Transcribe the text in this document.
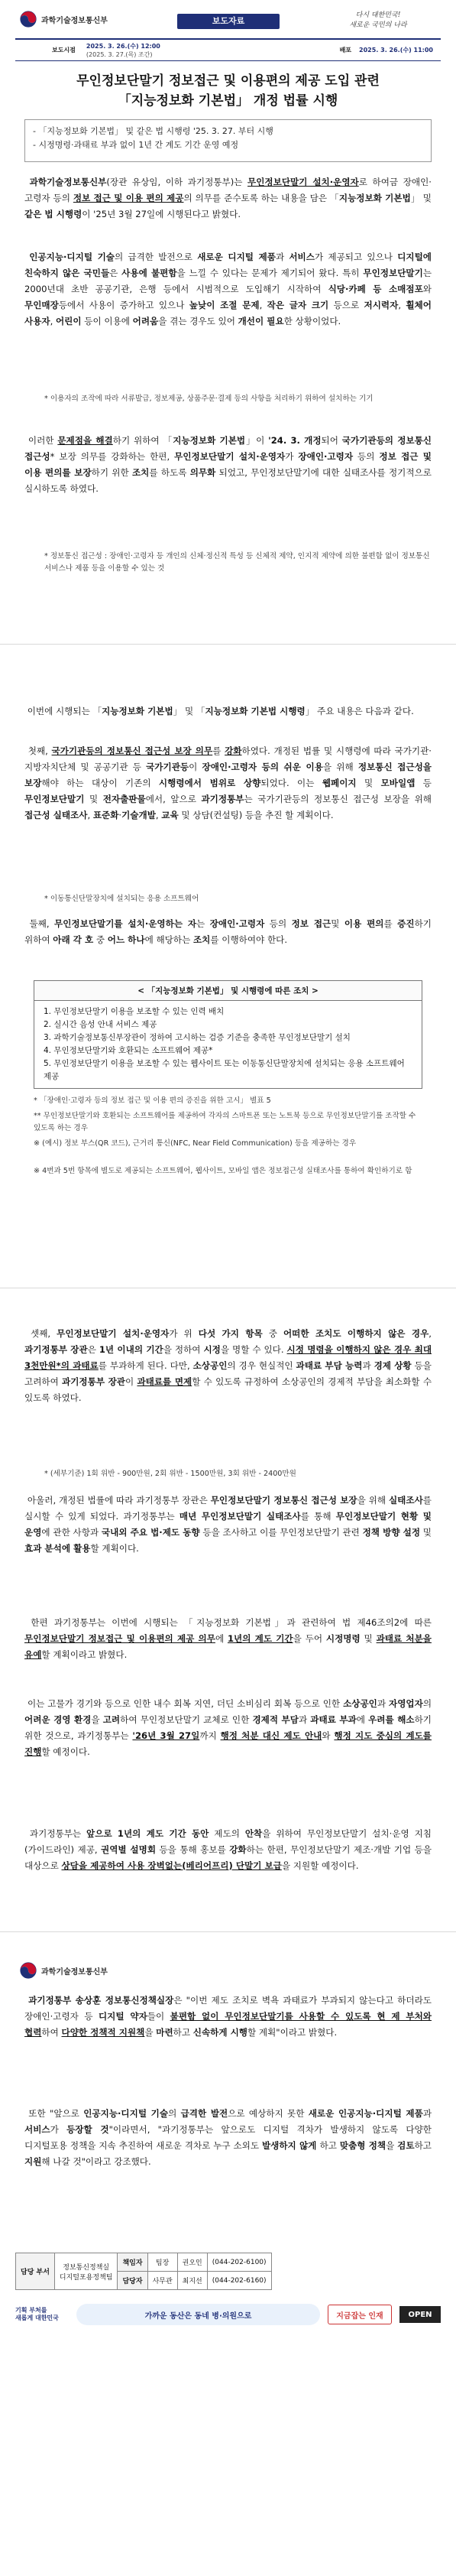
과학기술정보통신부	보도자료
다시 대한민국!
새로운 국민의 나라
보도시점
2025. 3. 26.(수) 12:00
(2025. 3. 27.(목) 조간)
배포 2025. 3. 26.(수) 11:00
무인정보단말기 정보접근 및 이용편의 제공 도입 관련
「지능정보화 기본법」 개정 법률 시행

- 「지능정보화 기본법」 및 같은 법 시행령 '25. 3. 27. 부터 시행

- 시정명령·과태료 부과 없이 1년 간 계도 기간 운영 예정

과학기술정보통신부(장관 유상임, 이하 과기정통부)는 무인정보단말기 설치·운영자로 하여금 장애인·고령자 등의 정보 접근 및 이용 편의 제공의 의무를 준수토록 하는 내용을 담은 「지능정보화 기본법」 및 같은 법 시행령이 '25년 3월 27일에 시행된다고 밝혔다.
인공지능·디지털 기술의 급격한 발전으로 새로운 디지털 제품과 서비스가 제공되고 있으나 디지털에 친숙하지 않은 국민들은 사용에 불편함을 느낄 수 있다는 문제가 제기되어 왔다. 특히 무인정보단말기는 2000년대 초반 공공기관, 은행 등에서 시범적으로 도입해기 시작하여 식당·카페 등 소매점포와 무인매장등에서 사용이 증가하고 있으나 높낮이 조절 문제, 작은 글자 크기 등으로 저시력자, 휠체어 사용자, 어린이 등이 이용에 어려움을 겪는 경우도 있어 개선이 필요한 상황이었다.
* 이용자의 조작에 따라 서류발급, 정보제공, 상품주문·결제 등의 사항을 처리하기 위하여 설치하는 기기
이러한 문제점을 해결하기 위하여 「지능정보화 기본법」이 '24. 3. 개정되어 국가기관등의 정보통신 접근성* 보장 의무를 강화하는 한편, 무인정보단말기 설치·운영자가 장애인·고령자 등의 정보 접근 및 이용 편의를 보장하기 위한 조치를 하도록 의무화 되었고, 무인정보단말기에 대한 실태조사를 정기적으로 실시하도록 하였다.
* 정보통신 접근성 : 장애인·고령자 등 개인의 신체·정신적 특성 등 신체적 제약, 인지적 제약에 의한 불편함 없이 정보통신 서비스나 제품 등을 이용할 수 있는 것
이번에 시행되는 「지능정보화 기본법」 및 「지능정보화 기본법 시행령」 주요 내용은 다음과 같다.
첫째, 국가기관등의 정보통신 접근성 보장 의무를 강화하였다. 개정된 법률 및 시행령에 따라 국가기관·지방자치단체 및 공공기관 등 국가기관등이 장애인·고령자 등의 쉬운 이용을 위해 정보통신 접근성을 보장해야 하는 대상이 기존의 시행령에서 범위로 상향되었다. 이는 웹페이지 및 모바일앱 등 무인정보단말기 및 전자출판물에서, 앞으로 과기정통부는 국가기관등의 정보통신 접근성 보장을 위해 접근성 실태조사, 표준화·기술개발, 교육 및 상담(컨설팅) 등을 추진 할 계획이다.
* 이동통신단말장치에 설치되는 응용 소프트웨어
둘째, 무인정보단말기를 설치·운영하는 자는 장애인·고령자 등의 정보 접근및 이용 편의를 증진하기 위하여 아래 각 호 중 어느 하나에 해당하는 조치를 이행하여야 한다.
< 「지능정보화 기본법」 및 시행령에 따른 조치 >
1. 무인정보단말기 이용을 보조할 수 있는 인력 배치
2. 실시간 음성 안내 서비스 제공
3. 과학기술정보통신부장관이 정하여 고시하는 검증 기준을 충족한 무인정보단말기 설치
4. 무인정보단말기와 호환되는 소프트웨어 제공*
5. 무인정보단말기 이용을 보조할 수 있는 웹사이트 또는 이동통신단말장치에 설치되는 응용 소프트웨어 제공
* 「장애인·고령자 등의 정보 접근 및 이용 편의 증진을 위한 고시」 별표 5
** 무인정보단말기와 호환되는 소프트웨어를 제공하여 각자의 스마트폰 또는 노트북 등으로 무인정보단말기를 조작할 수 있도록 하는 경우
※ (예시) 정보 부스(QR 코드), 근거리 통신(NFC, Near Field Communication) 등을 제공하는 경우
※ 4번과 5번 항목에 별도로 제공되는 소프트웨어, 웹사이트, 모바일 앱은 정보접근성 실태조사를 통하여 확인하기로 함
셋째, 무인정보단말기 설치·운영자가 위 다섯 가지 항목 중 어떠한 조치도 이행하지 않은 경우, 과기정통부 장관은 1년 이내의 기간을 정하여 시정을 명할 수 있다. 시정 명령을 이행하지 않은 경우 최대 3천만원*의 과태료를 부과하게 된다. 다만, 소상공인의 경우 현실적인 과태료 부담 능력과 경제 상황 등을 고려하여 과기정통부 장관이 과태료를 면제할 수 있도록 규정하여 소상공인의 경제적 부담을 최소화할 수 있도록 하였다.
* (세부기준) 1회 위반 - 900만원, 2회 위반 - 1500만원, 3회 위반 - 2400만원
아울러, 개정된 법률에 따라 과기정통부 장관은 무인정보단말기 정보통신 접근성 보장을 위해 실태조사를 실시할 수 있게 되었다. 과기정통부는 매년 무인정보단말기 실태조사를 통해 무인정보단말기 현황 및 운영에 관한 사항과 국내외 주요 법·제도 동향 등을 조사하고 이를 무인정보단말기 관련 정책 방향 설정 및 효과 분석에 활용할 계획이다.
한편 과기정통부는 이번에 시행되는 「지능정보화 기본법」과 관련하여 법 제46조의2에 따른 무인정보단말기 정보접근 및 이용편의 제공 의무에 1년의 계도 기간을 두어 시정명령 및 과태료 처분을 유예할 계획이라고 밝혔다.
이는 고물가 경기와 등으로 인한 내수 회복 지연, 더딘 소비심리 회복 등으로 인한 소상공인과 자영업자의 어려운 경영 환경을 고려하여 무인정보단말기 교체로 인한 경제적 부담과 과태료 부과에 우려를 해소하기 위한 것으로, 과기정통부는 '26년 3월 27일까지 행정 처분 대신 제도 안내와 행정 지도 중심의 계도를 진행할 예정이다.
과기정통부는 앞으로 1년의 계도 기간 동안 제도의 안착을 위하여 무인정보단말기 설치·운영 지침(가이드라인) 제공, 권역별 설명회 등을 통해 홍보를 강화하는 한편, 무인정보단말기 제조·개발 기업 등을 대상으로 상담을 제공하여 사용 장벽없는(베리어프리) 단말기 보급을 지원할 예정이다.
과학기술정보통신부
과기정통부 송상훈 정보통신정책실장은 "이번 제도 조치로 벽욕 과태료가 부과되지 않는다고 하더라도 장애인·고령자 등 디지털 약자들이 불편함 없이 무인정보단말기를 사용할 수 있도록 현 제 부처와 협력하여 다양한 정책적 지원책을 마련하고 신속하게 시행할 계획"이라고 밝혔다.
또한 "앞으로 인공지능·디지털 기술의 급격한 발전으로 예상하지 못한 새로운 인공지능·디지털 제품과 서비스가 등장할 것"이라면서, "과기정통부는 앞으로도 디지털 격차가 발생하지 않도록 다양한 디지털포용 정책을 지속 추진하여 새로운 격차로 누구 소외도 발생하지 않게 하고 맞춤형 정책을 검토하고 지원해 나갈 것"이라고 강조했다.
담당 부서	정보통신정책실
디지털포용정책팀	책임자	팀장	권오인	(044-202-6100)
		담당자	사무관	최지선	(044-202-6160)
기획 부처를
새롭게 대한민국	가까운 동산은 동네 병·의원으로	지금잡는 인재	OPEN
